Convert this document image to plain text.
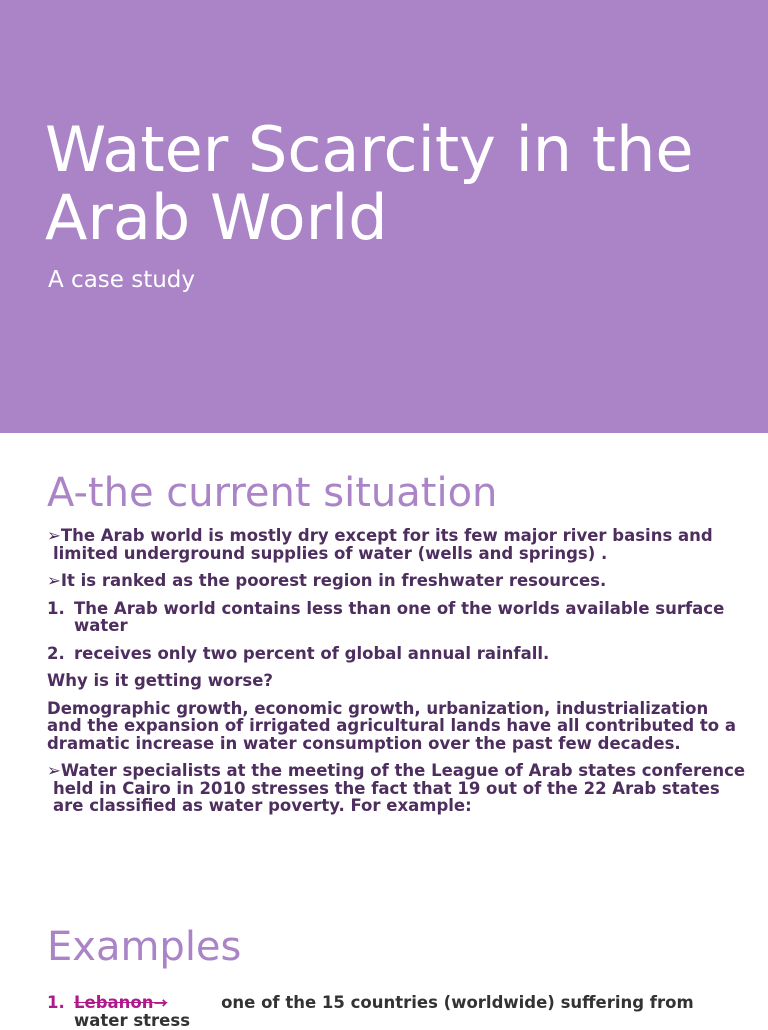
Water Scarcity in the Arab World
A case study
A-the current situation

➢The Arab world is mostly dry except for its few major river basins and limited underground supplies of water (wells and springs) .

➢It is ranked as the poorest region in freshwater resources.

1. The Arab world contains less than one of the worlds available surface water
2. receives only two percent of global annual rainfall.

Why is it getting worse?

Demographic growth, economic growth, urbanization, industrialization and the expansion of irrigated agricultural lands have all contributed to a dramatic increase in water consumption over the past few decades.

➢Water specialists at the meeting of the League of Arab states conference held in Cairo in 2010 stresses the fact that 19 out of the 22 Arab states are classified as water poverty. For example:

Examples
1. Lebanon→	one of the 15 countries (worldwide) suffering from water stress
